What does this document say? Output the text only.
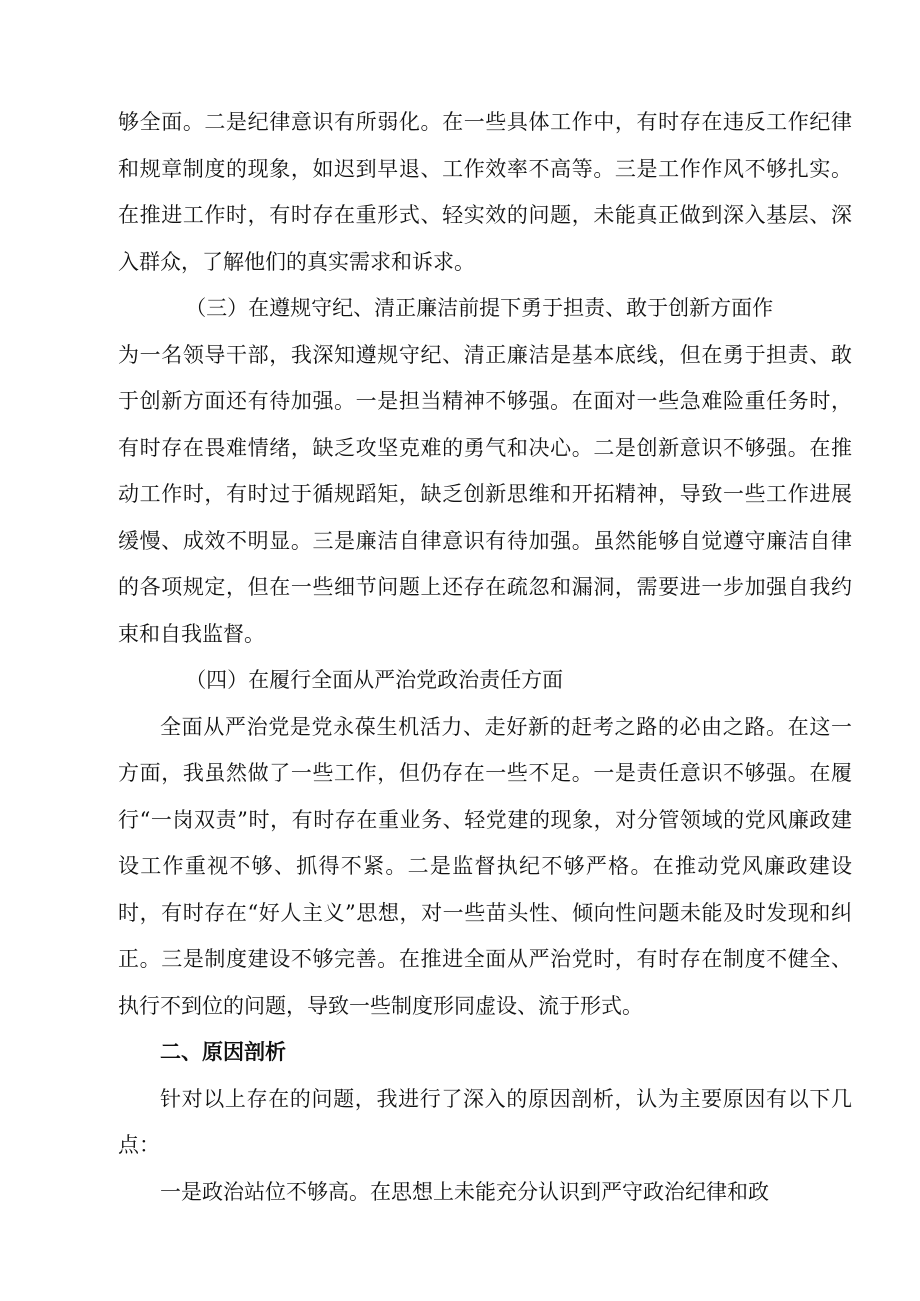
够全面。二是纪律意识有所弱化。在一些具体工作中，有时存在违反工作纪律和规章制度的现象，如迟到早退、工作效率不高等。三是工作作风不够扎实。在推进工作时，有时存在重形式、轻实效的问题，未能真正做到深入基层、深入群众，了解他们的真实需求和诉求。

（三）在遵规守纪、清正廉洁前提下勇于担责、敢于创新方面作

为一名领导干部，我深知遵规守纪、清正廉洁是基本底线，但在勇于担责、敢于创新方面还有待加强。一是担当精神不够强。在面对一些急难险重任务时，有时存在畏难情绪，缺乏攻坚克难的勇气和决心。二是创新意识不够强。在推动工作时，有时过于循规蹈矩，缺乏创新思维和开拓精神，导致一些工作进展缓慢、成效不明显。三是廉洁自律意识有待加强。虽然能够自觉遵守廉洁自律的各项规定，但在一些细节问题上还存在疏忽和漏洞，需要进一步加强自我约束和自我监督。

（四）在履行全面从严治党政治责任方面

全面从严治党是党永葆生机活力、走好新的赶考之路的必由之路。在这一方面，我虽然做了一些工作，但仍存在一些不足。一是责任意识不够强。在履行“一岗双责”时，有时存在重业务、轻党建的现象，对分管领域的党风廉政建设工作重视不够、抓得不紧。二是监督执纪不够严格。在推动党风廉政建设时，有时存在“好人主义”思想，对一些苗头性、倾向性问题未能及时发现和纠正。三是制度建设不够完善。在推进全面从严治党时，有时存在制度不健全、执行不到位的问题，导致一些制度形同虚设、流于形式。

二、原因剖析

针对以上存在的问题，我进行了深入的原因剖析，认为主要原因有以下几点：

一是政治站位不够高。在思想上未能充分认识到严守政治纪律和政
